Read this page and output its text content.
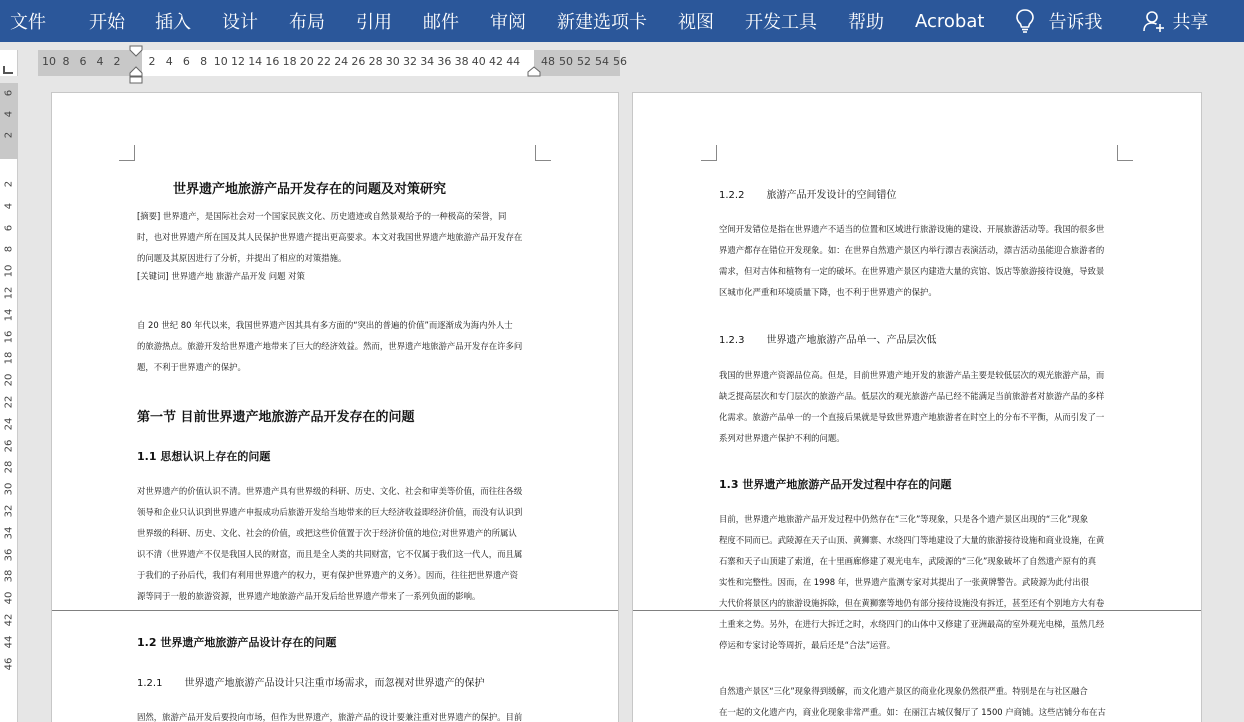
文件	开始 插入 设计 布局 引用 邮件 审阅 新建选项卡 视图 开发工具 帮助 Acrobat	告诉我	共享
10 8 6 4 2	2 4 6 8 10 12 14 16 18 20 22 24 26 28 30 32 34 36 38 40 42 44 48 50 52 54 56
6
4
2
2
4
6
8
10
12
14
16
18
20
22
24
26
28
30
32
34
36
38
40
42
44
46
世界遗产地旅游产品开发存在的问题及对策研究
[摘要] 世界遗产，是国际社会对一个国家民族文化、历史遗迹或自然景观给予的一种极高的荣誉，同
时，也对世界遗产所在国及其人民保护世界遗产提出更高要求。本文对我国世界遗产地旅游产品开发存在
的问题及其原因进行了分析，并提出了相应的对策措施。
[关键词] 世界遗产地 旅游产品开发 问题 对策
自 20 世纪 80 年代以来，我国世界遗产因其具有多方面的“突出的普遍的价值”而逐渐成为海内外人士
的旅游热点。旅游开发给世界遗产地带来了巨大的经济效益。然而，世界遗产地旅游产品开发存在许多问
题，不利于世界遗产的保护。
第一节 目前世界遗产地旅游产品开发存在的问题
1.1 思想认识上存在的问题
对世界遗产的价值认识不清。世界遗产具有世界级的科研、历史、文化、社会和审美等价值，而往往各级
领导和企业只认识到世界遗产申报成功后旅游开发给当地带来的巨大经济收益即经济价值，而没有认识到
世界级的科研、历史、文化、社会的价值，或把这些价值置于次于经济价值的地位;对世界遗产的所属认
识不清（世界遗产不仅是我国人民的财富，而且是全人类的共同财富，它不仅属于我们这一代人，而且属
于我们的子孙后代，我们有利用世界遗产的权力，更有保护世界遗产的义务）。因而，往往把世界遗产资
源等同于一般的旅游资源，世界遗产地旅游产品开发后给世界遗产带来了一系列负面的影响。
1.2 世界遗产地旅游产品设计存在的问题
1.2.1 世界遗产地旅游产品设计只注重市场需求，而忽视对世界遗产的保护
固然，旅游产品开发后要投向市场，但作为世界遗产，旅游产品的设计要兼注重对世界遗产的保护。目前
1.2.2 旅游产品开发设计的空间错位
空间开发错位是指在世界遗产不适当的位置和区域进行旅游设施的建设、开展旅游活动等。我国的很多世
界遗产都存在错位开发现象。如：在世界自然遗产景区内举行漂吉表演活动，漂吉活动虽能迎合旅游者的
需求，但对吉体和植物有一定的破坏。在世界遗产景区内建造大量的宾馆、饭店等旅游接待设施，导致景
区城市化严重和环境质量下降，也不利于世界遗产的保护。
1.2.3 世界遗产地旅游产品单一、产品层次低
我国的世界遗产资源品位高。但是，目前世界遗产地开发的旅游产品主要是较低层次的观光旅游产品，而
缺乏提高层次和专门层次的旅游产品。低层次的观光旅游产品已经不能满足当前旅游者对旅游产品的多样
化需求。旅游产品单一的一个直接后果就是导致世界遗产地旅游者在时空上的分布不平衡，从而引发了一
系列对世界遗产保护不利的问题。
1.3 世界遗产地旅游产品开发过程中存在的问题
目前，世界遗产地旅游产品开发过程中仍然存在“三化”等现象，只是各个遗产景区出现的“三化”现象
程度不同而已。武陵源在天子山顶、黄狮寨、水绕四门等地建设了大量的旅游接待设施和商业设施，在黄
石寨和天子山顶建了索道，在十里画廊修建了观光电车，武陵源的“三化”现象破坏了自然遗产原有的真
实性和完整性。因而，在 1998 年，世界遗产监测专家对其提出了一张黄牌警告。武陵源为此付出很
大代价将景区内的旅游设施拆除，但在黄狮寨等地仍有部分接待设施没有拆迁，甚至还有个别地方大有卷
土重来之势。另外，在进行大拆迁之时，水绕四门的山体中又修建了亚洲最高的室外观光电梯，虽然几经
停运和专家讨论等周折，最后还是“合法”运营。
自然遗产景区“三化”现象得到缓解，而文化遗产景区的商业化现象仍然很严重。特别是在与社区融合
在一起的文化遗产内，商业化现象非常严重。如：在丽江古城仅餐厅了 1500 户商铺。这些店铺分布在古
